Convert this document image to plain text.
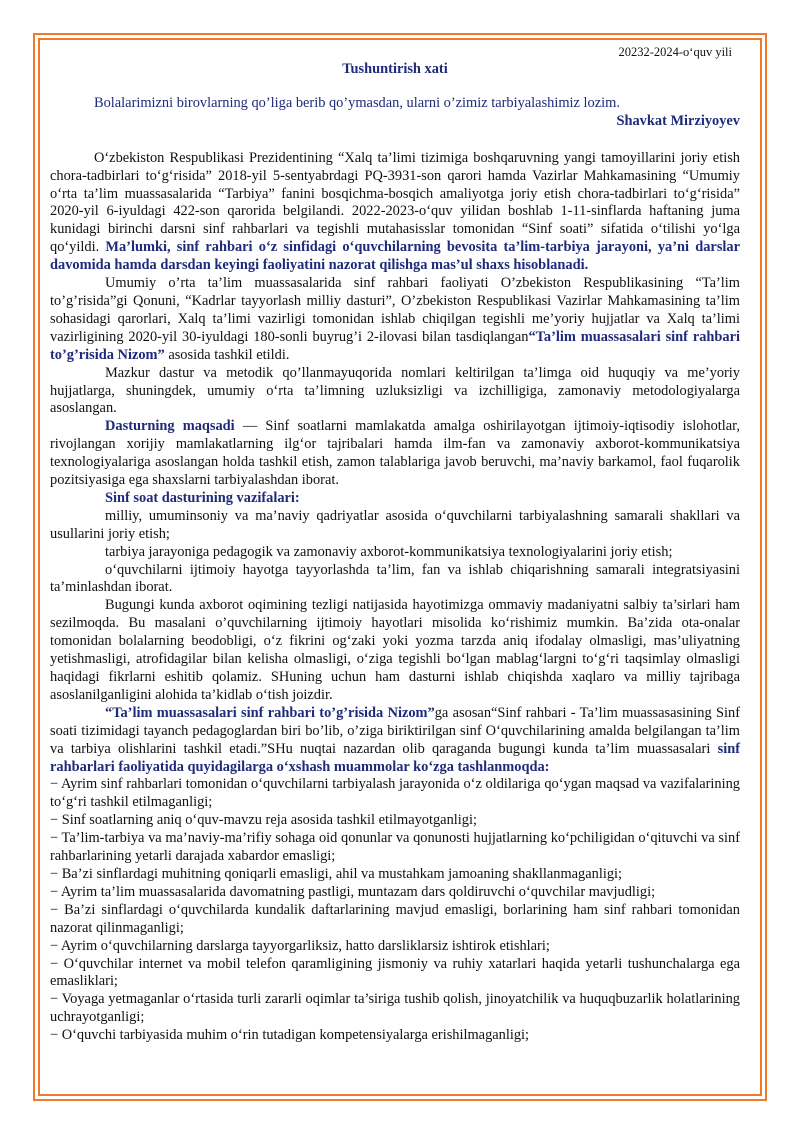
20232-2024-o‘quv yili
Tushuntirish xati
Bolalarimizni birovlarning qo’liga berib qo’ymasdan, ularni o’zimiz tarbiyalashimiz lozim.
Shavkat Mirziyoyev

O‘zbekiston Respublikasi Prezidentining “Xalq ta’limi tizimiga boshqaruvning yangi tamoyillarini joriy etish chora-tadbirlari to‘g‘risida” 2018-yil 5-sentyabrdagi PQ-3931-son qarori hamda Vazirlar Mahkamasining “Umumiy o‘rta ta’lim muassasalarida “Tarbiya” fanini bosqichma-bosqich amaliyotga joriy etish chora-tadbirlari to‘g‘risida” 2020-yil 6-iyuldagi 422-son qarorida belgilandi. 2022-2023-o‘quv yilidan boshlab 1-11-sinflarda haftaning juma kunidagi birinchi darsni sinf rahbarlari va tegishli mutahasisslar tomonidan “Sinf soati” sifatida o‘tilishi yo‘lga qo‘yildi. Ma’lumki, sinf rahbari o‘z sinfidagi o‘quvchilarning bevosita ta’lim-tarbiya jarayoni, ya’ni darslar davomida hamda darsdan keyingi faoliyatini nazorat qilishga mas’ul shaxs hisoblanadi.

Umumiy o’rta ta’lim muassasalarida sinf rahbari faoliyati O’zbekiston Respublikasining “Ta’lim to’g’risida”gi Qonuni, “Kadrlar tayyorlash milliy dasturi”, O’zbekiston Respublikasi Vazirlar Mahkamasining ta’lim sohasidagi qarorlari, Xalq ta’limi vazirligi tomonidan ishlab chiqilgan tegishli me’yoriy hujjatlar va Xalq ta’limi vazirligining 2020-yil 30-iyuldagi 180-sonli buyrug’i 2-ilovasi bilan tasdiqlangan“Ta’lim muassasalari sinf rahbari to’g’risida Nizom” asosida tashkil etildi.

Mazkur dastur va metodik qo’llanmayuqorida nomlari keltirilgan ta’limga oid huquqiy va me’yoriy hujjatlarga, shuningdek, umumiy o‘rta ta’limning uzluksizligi va izchilligiga, zamonaviy metodologiyalarga asoslangan.

Dasturning maqsadi — Sinf soatlarni mamlakatda amalga oshirilayotgan ijtimoiy-iqtisodiy islohotlar, rivojlangan xorijiy mamlakatlarning ilg‘or tajribalari hamda ilm-fan va zamonaviy axborot-kommunikatsiya texnologiyalariga asoslangan holda tashkil etish, zamon talablariga javob beruvchi, ma’naviy barkamol, faol fuqarolik pozitsiyasiga ega shaxslarni tarbiyalashdan iborat.

Sinf soat dasturining vazifalari:

milliy, umuminsoniy va ma’naviy qadriyatlar asosida o‘quvchilarni tarbiyalashning samarali shakllari va usullarini joriy etish;

tarbiya jarayoniga pedagogik va zamonaviy axborot-kommunikatsiya texnologiyalarini joriy etish;

o‘quvchilarni ijtimoiy hayotga tayyorlashda ta’lim, fan va ishlab chiqarishning samarali integratsiyasini ta’minlashdan iborat.

Bugungi kunda axborot oqimining tezligi natijasida hayotimizga ommaviy madaniyatni salbiy ta’sirlari ham sezilmoqda. Bu masalani o’quvchilarning ijtimoiy hayotlari misolida ko‘rishimiz mumkin. Ba’zida ota-onalar tomonidan bolalarning beodobligi, o‘z fikrini og‘zaki yoki yozma tarzda aniq ifodalay olmasligi, mas’uliyatning yetishmasligi, atrofidagilar bilan kelisha olmasligi, o‘ziga tegishli bo‘lgan mablag‘largni to‘g‘ri taqsimlay olmasligi haqidagi fikrlarni eshitib qolamiz. SHuning uchun ham dasturni ishlab chiqishda xaqlaro va milliy tajribaga asoslanilganligini alohida ta’kidlab o‘tish joizdir.

“Ta’lim muassasalari sinf rahbari to’g’risida Nizom”ga asosan“Sinf rahbari - Ta’lim muassasasining Sinf soati tizimidagi tayanch pedagoglardan biri bo’lib, o’ziga biriktirilgan sinf O‘quvchilarining amalda belgilangan ta’lim va tarbiya olishlarini tashkil etadi.”SHu nuqtai nazardan olib qaraganda bugungi kunda ta’lim muassasalari sinf rahbarlari faoliyatida quyidagilarga o‘xshash muammolar ko‘zga tashlanmoqda:

− Ayrim sinf rahbarlari tomonidan o‘quvchilarni tarbiyalash jarayonida o‘z oldilariga qo‘ygan maqsad va vazifalarining to‘g‘ri tashkil etilmaganligi;

− Sinf soatlarning aniq o‘quv-mavzu reja asosida tashkil etilmayotganligi;

− Ta’lim-tarbiya va ma’naviy-ma’rifiy sohaga oid qonunlar va qonunosti hujjatlarning ko‘pchiligidan o‘qituvchi va sinf rahbarlarining yetarli darajada xabardor emasligi;

− Ba’zi sinflardagi muhitning qoniqarli emasligi, ahil va mustahkam jamoaning shakllanmaganligi;

− Ayrim ta’lim muassasalarida davomatning pastligi, muntazam dars qoldiruvchi o‘quvchilar mavjudligi;

− Ba’zi sinflardagi o‘quvchilarda kundalik daftarlarining mavjud emasligi, borlarining ham sinf rahbari tomonidan nazorat qilinmaganligi;

− Ayrim o‘quvchilarning darslarga tayyorgarliksiz, hatto darsliklarsiz ishtirok etishlari;

− O‘quvchilar internet va mobil telefon qaramligining jismoniy va ruhiy xatarlari haqida yetarli tushunchalarga ega emasliklari;

− Voyaga yetmaganlar o‘rtasida turli zararli oqimlar ta’siriga tushib qolish, jinoyatchilik va huquqbuzarlik holatlarining uchrayotganligi;

− O‘quvchi tarbiyasida muhim o‘rin tutadigan kompetensiyalarga erishilmaganligi;
